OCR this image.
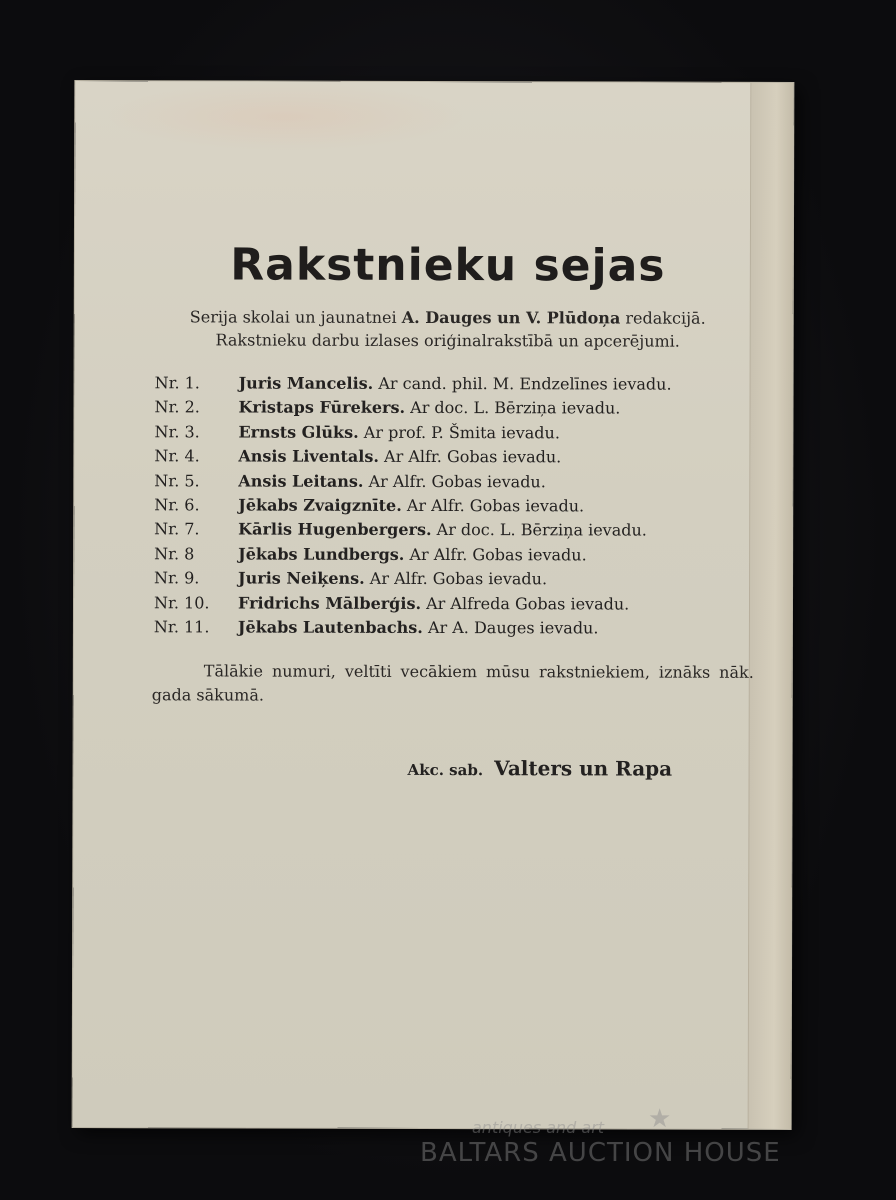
Rakstnieku sejas
Serija skolai un jaunatnei A. Dauges un V. Plūdoņa redakcijā.
Rakstnieku darbu izlases oriģinalrakstībā un apcerējumi.
Nr. 1. Juris Mancelis. Ar cand. phil. M. Endzelīnes ievadu.
Nr. 2. Kristaps Fūrekers. Ar doc. L. Bērziņa ievadu.
Nr. 3. Ernsts Glūks. Ar prof. P. Šmita ievadu.
Nr. 4. Ansis Liventals. Ar Alfr. Gobas ievadu.
Nr. 5. Ansis Leitans. Ar Alfr. Gobas ievadu.
Nr. 6. Jēkabs Zvaigznīte. Ar Alfr. Gobas ievadu.
Nr. 7. Kārlis Hugenbergers. Ar doc. L. Bērziņa ievadu.
Nr. 8	Jēkabs Lundbergs. Ar Alfr. Gobas ievadu.
Nr. 9. Juris Neiķens. Ar Alfr. Gobas ievadu.
Nr. 10. Fridrichs Mālberģis. Ar Alfreda Gobas ievadu.
Nr. 11. Jēkabs Lautenbachs. Ar A. Dauges ievadu.
Tālākie numuri, veltīti vecākiem mūsu rakstniekiem, iznāks nāk. gada sākumā.
Akc. sab. Valters un Rapa
★
antiques and art
BALTARS AUCTION HOUSE
